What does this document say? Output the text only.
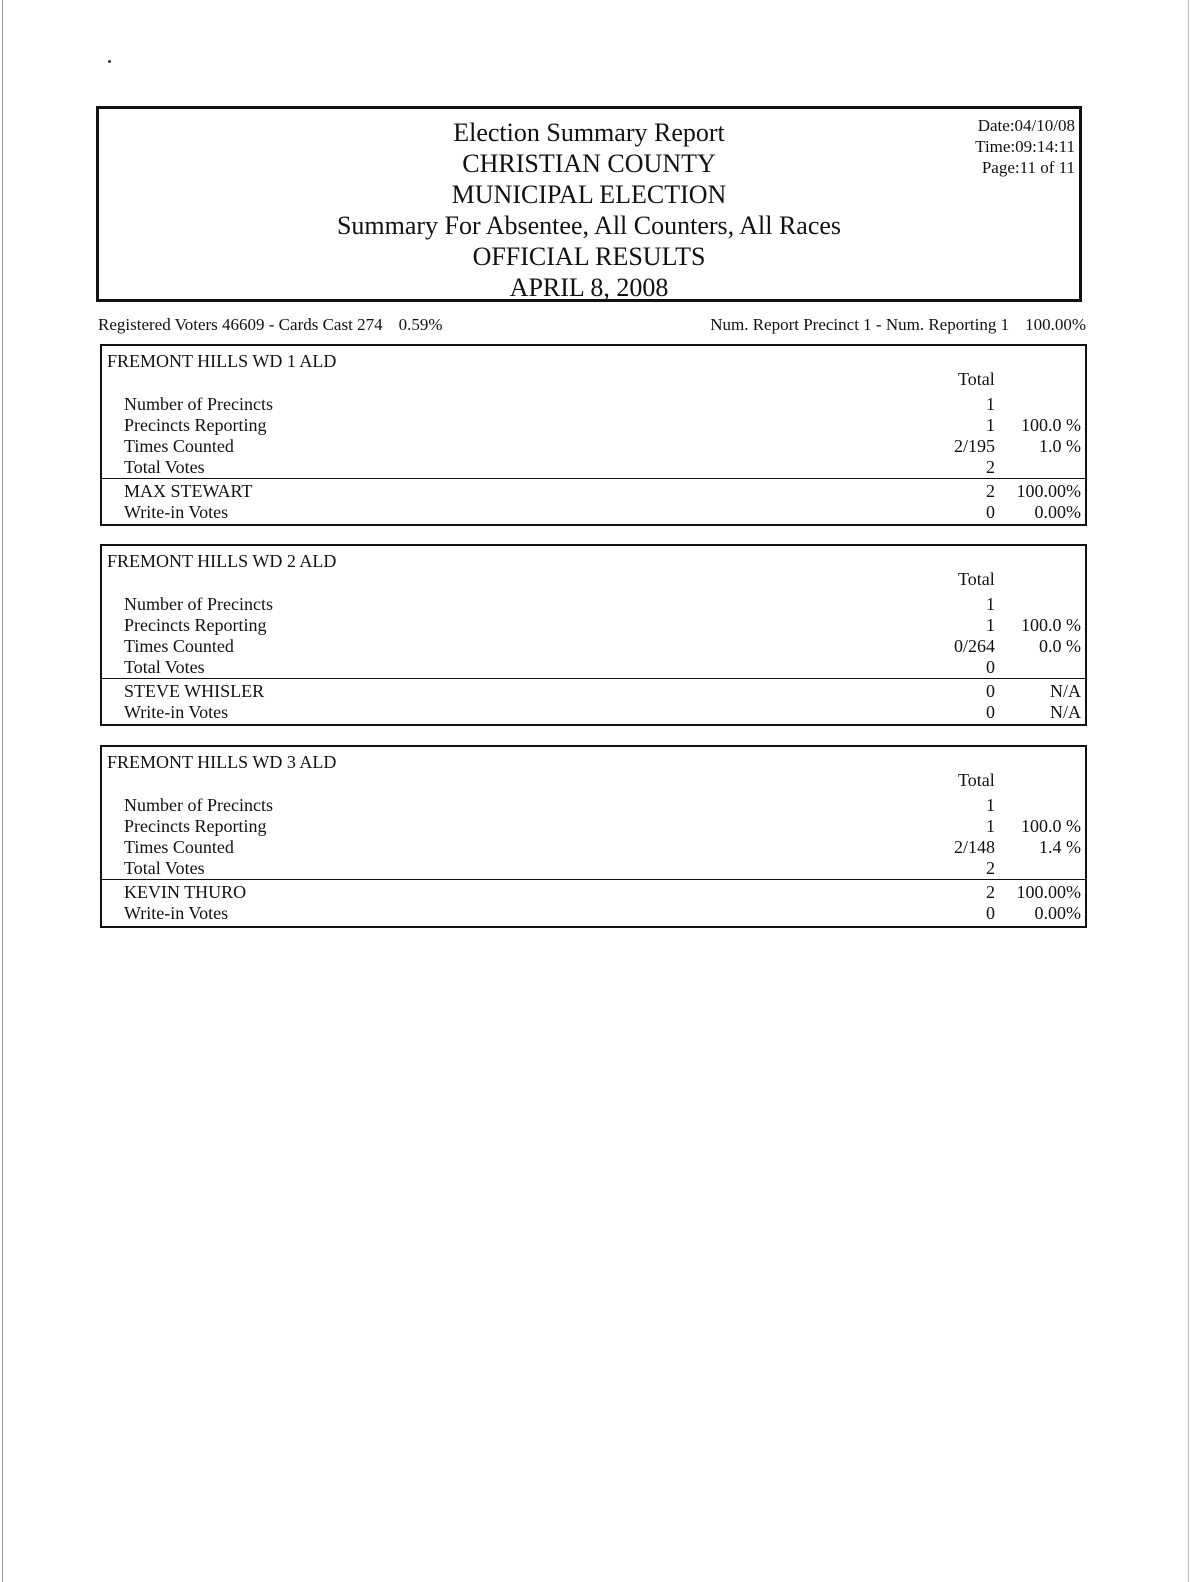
Election Summary Report
CHRISTIAN COUNTY
MUNICIPAL ELECTION
Summary For Absentee, All Counters, All Races
OFFICIAL RESULTS
APRIL 8, 2008
Date:04/10/08
Time:09:14:11
Page:11 of 11
Registered Voters 46609 - Cards Cast 274 0.59%	Num. Report Precinct 1 - Num. Reporting 1 100.00%
FREMONT HILLS WD 1 ALD
Total
Number of Precincts	1
Precincts Reporting	1 100.0 %
Times Counted	2/195 1.0 %
Total Votes	2
MAX STEWART	2 100.00%
Write-in Votes	0 0.00%
FREMONT HILLS WD 2 ALD
Total
Number of Precincts	1
Precincts Reporting	1 100.0 %
Times Counted	0/264 0.0 %
Total Votes	0
STEVE WHISLER	0	N/A
Write-in Votes	0	N/A
FREMONT HILLS WD 3 ALD
Total
Number of Precincts	1
Precincts Reporting	1 100.0 %
Times Counted	2/148 1.4 %
Total Votes	2
KEVIN THURO	2 100.00%
Write-in Votes	0 0.00%
